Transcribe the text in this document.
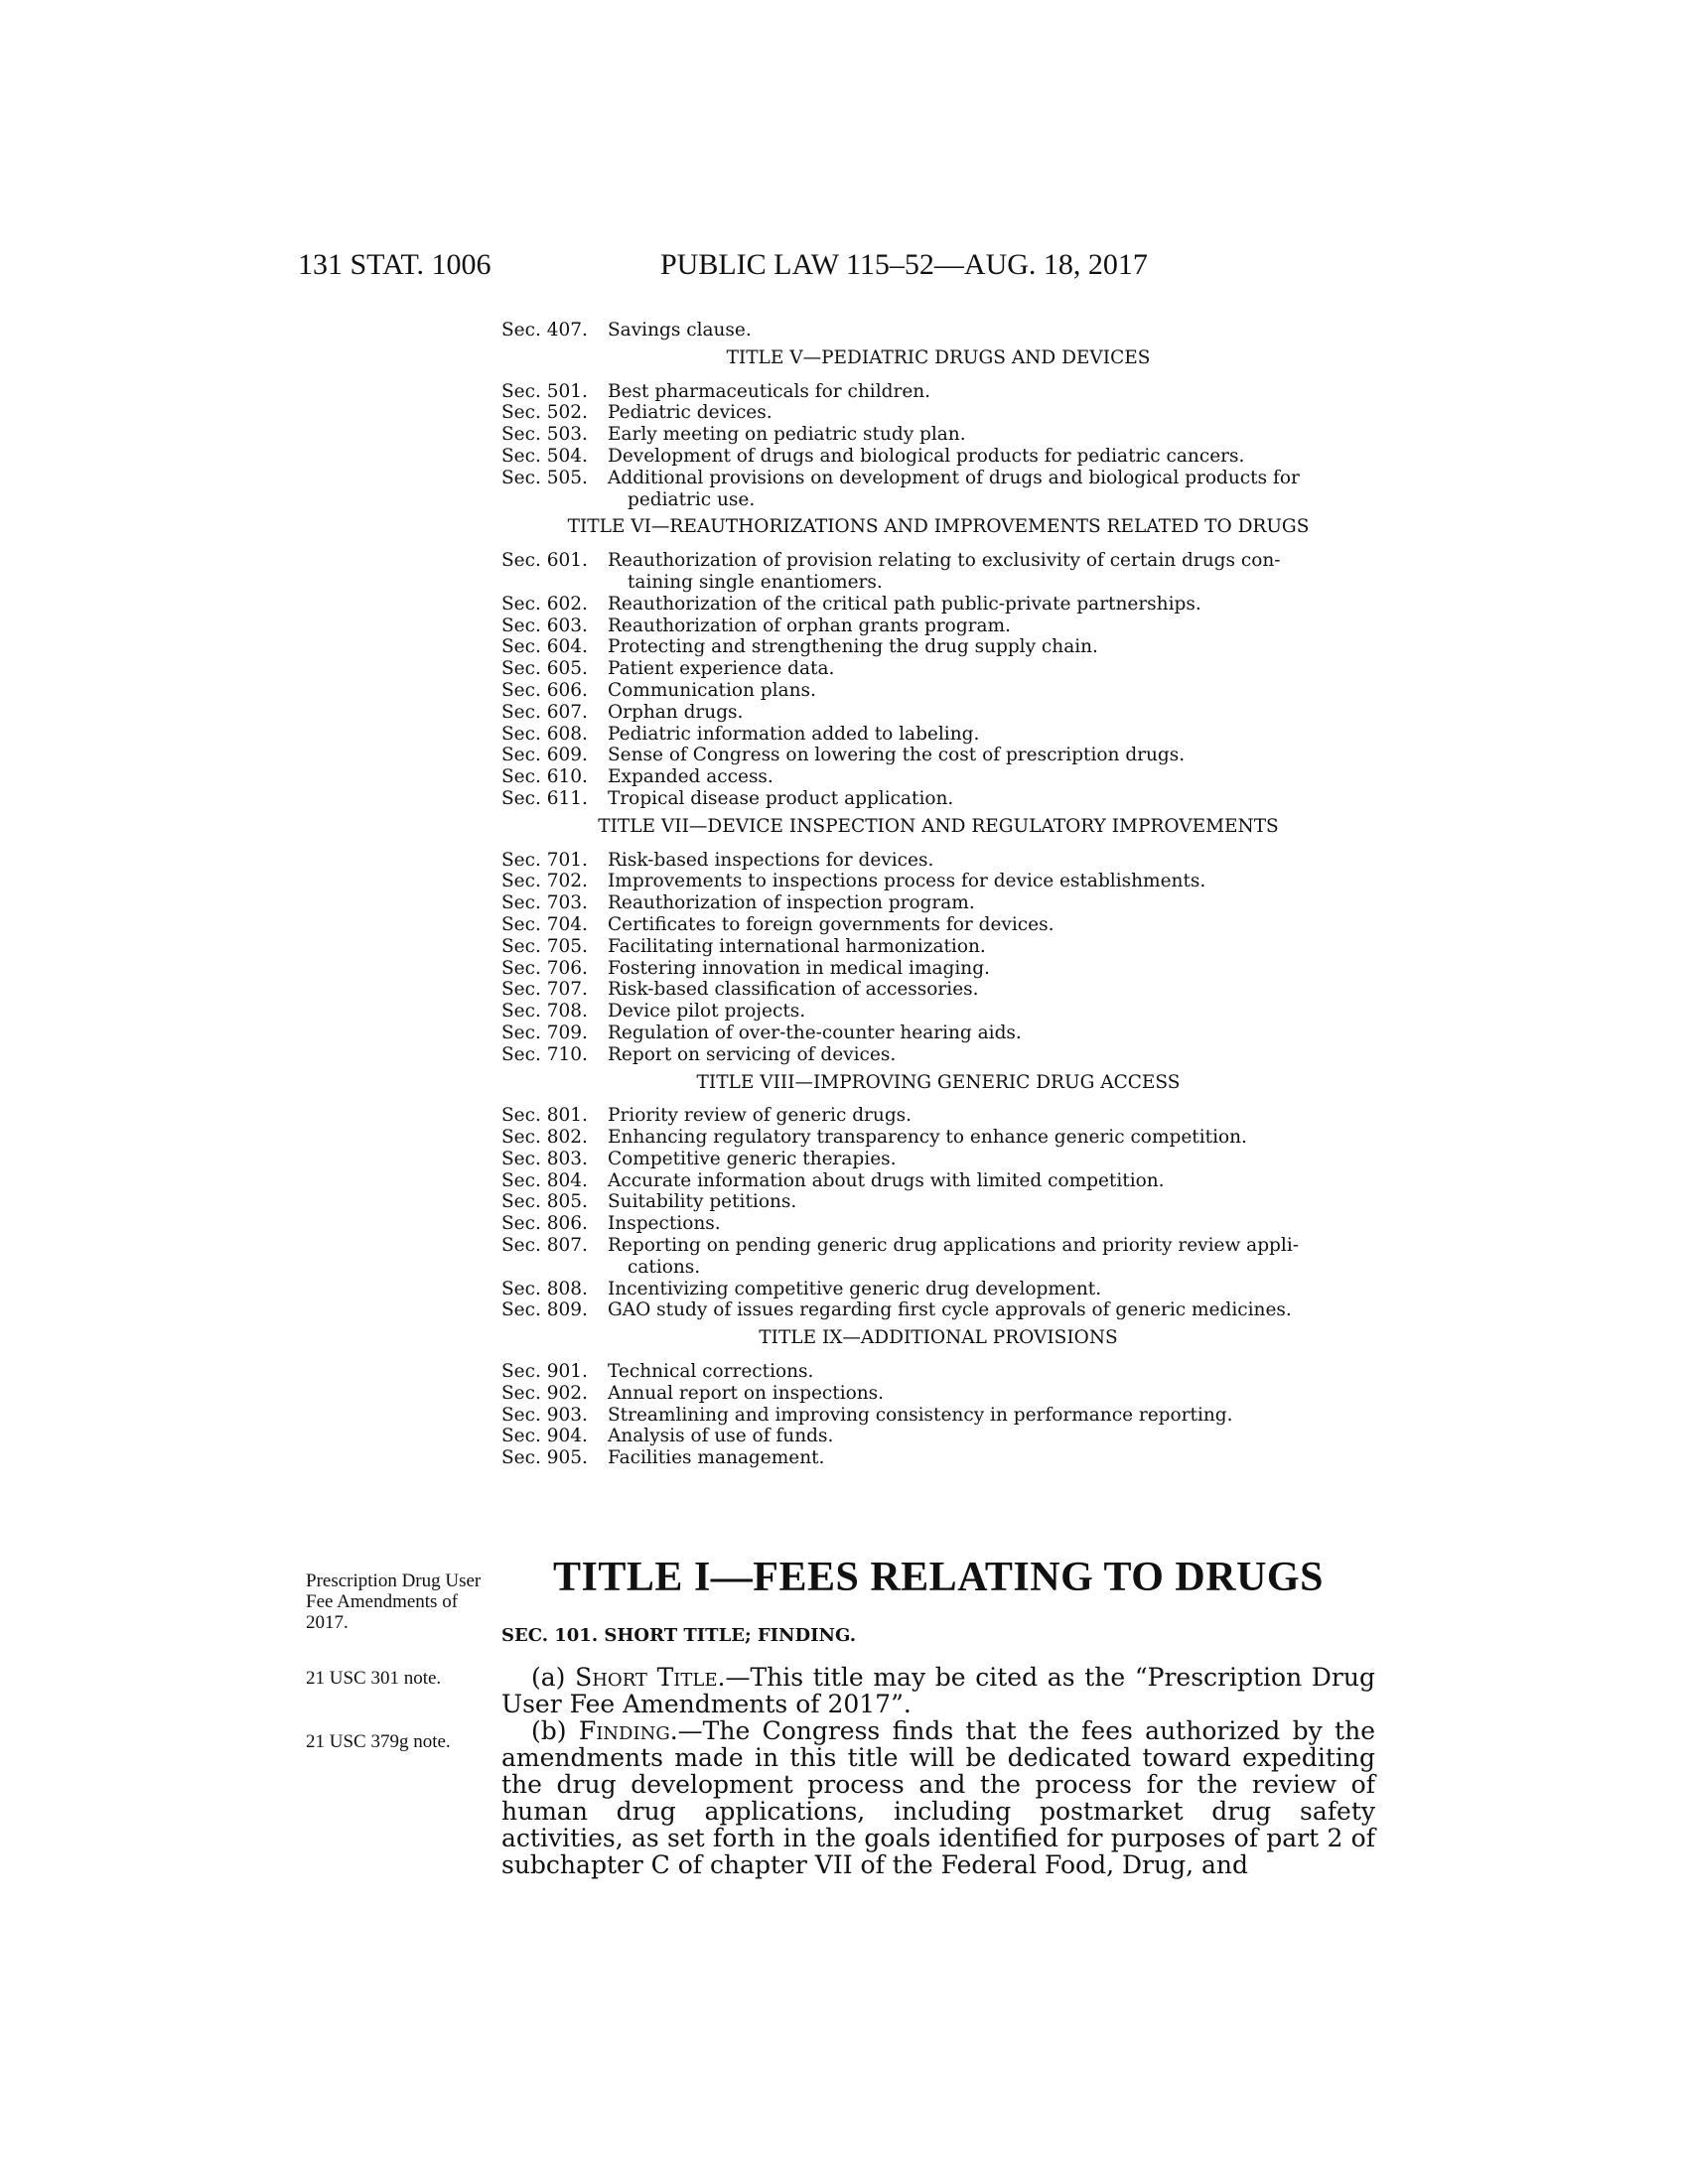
131 STAT. 1006	PUBLIC LAW 115–52—AUG. 18, 2017
Sec. 407.	Savings clause.
TITLE V—PEDIATRIC DRUGS AND DEVICES
Sec. 501.	Best pharmaceuticals for children.
Sec. 502.	Pediatric devices.
Sec. 503.	Early meeting on pediatric study plan.
Sec. 504.	Development of drugs and biological products for pediatric cancers.
Sec. 505.	Additional provisions on development of drugs and biological products for
pediatric use.
TITLE VI—REAUTHORIZATIONS AND IMPROVEMENTS RELATED TO DRUGS
Sec. 601.	Reauthorization of provision relating to exclusivity of certain drugs con-
taining single enantiomers.
Sec. 602.	Reauthorization of the critical path public-private partnerships.
Sec. 603.	Reauthorization of orphan grants program.
Sec. 604.	Protecting and strengthening the drug supply chain.
Sec. 605.	Patient experience data.
Sec. 606.	Communication plans.
Sec. 607.	Orphan drugs.
Sec. 608.	Pediatric information added to labeling.
Sec. 609.	Sense of Congress on lowering the cost of prescription drugs.
Sec. 610.	Expanded access.
Sec. 611.	Tropical disease product application.
TITLE VII—DEVICE INSPECTION AND REGULATORY IMPROVEMENTS
Sec. 701.	Risk-based inspections for devices.
Sec. 702.	Improvements to inspections process for device establishments.
Sec. 703.	Reauthorization of inspection program.
Sec. 704.	Certificates to foreign governments for devices.
Sec. 705.	Facilitating international harmonization.
Sec. 706.	Fostering innovation in medical imaging.
Sec. 707.	Risk-based classification of accessories.
Sec. 708.	Device pilot projects.
Sec. 709.	Regulation of over-the-counter hearing aids.
Sec. 710.	Report on servicing of devices.
TITLE VIII—IMPROVING GENERIC DRUG ACCESS
Sec. 801.	Priority review of generic drugs.
Sec. 802.	Enhancing regulatory transparency to enhance generic competition.
Sec. 803.	Competitive generic therapies.
Sec. 804.	Accurate information about drugs with limited competition.
Sec. 805.	Suitability petitions.
Sec. 806.	Inspections.
Sec. 807.	Reporting on pending generic drug applications and priority review appli-
cations.
Sec. 808.	Incentivizing competitive generic drug development.
Sec. 809.	GAO study of issues regarding first cycle approvals of generic medicines.
TITLE IX—ADDITIONAL PROVISIONS
Sec. 901.	Technical corrections.
Sec. 902.	Annual report on inspections.
Sec. 903.	Streamlining and improving consistency in performance reporting.
Sec. 904.	Analysis of use of funds.
Sec. 905.	Facilities management.
Prescription Drug User Fee Amendments of 2017.
21 USC 301 note.
21 USC 379g note.
TITLE I—FEES RELATING TO DRUGS
SEC. 101. SHORT TITLE; FINDING.

(a) Short Title.—This title may be cited as the “Prescription Drug User Fee Amendments of 2017”.

(b) Finding.—The Congress finds that the fees authorized by the amendments made in this title will be dedicated toward expediting the drug development process and the process for the review of human drug applications, including postmarket drug safety activities, as set forth in the goals identified for purposes of part 2 of subchapter C of chapter VII of the Federal Food, Drug, and
